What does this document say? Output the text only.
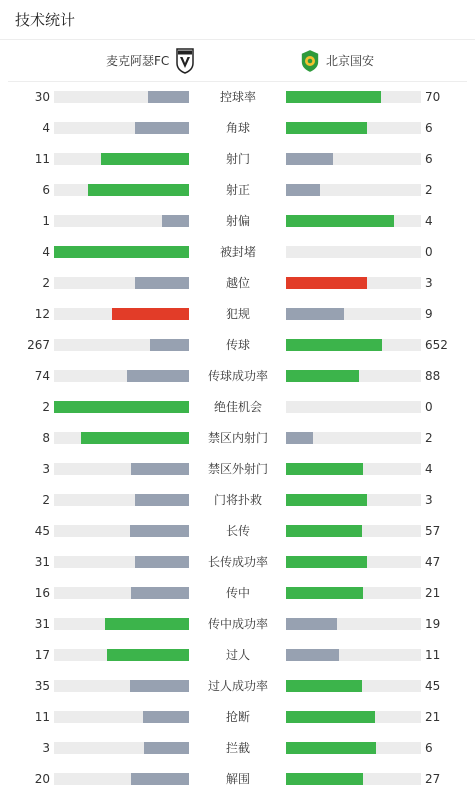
技术统计
麦克阿瑟FC	北京国安
30	控球率	70
4	角球	6
11	射门	6
6	射正	2
1	射偏	4
4	被封堵	0
2	越位	3
12	犯规	9
267	传球	652
74	传球成功率	88
2	绝佳机会	0
8	禁区内射门	2
3	禁区外射门	4
2	门将扑救	3
45	长传	57
31	长传成功率	47
16	传中	21
31	传中成功率	19
17	过人	11
35	过人成功率	45
11	抢断	21
3	拦截	6
20	解围	27
